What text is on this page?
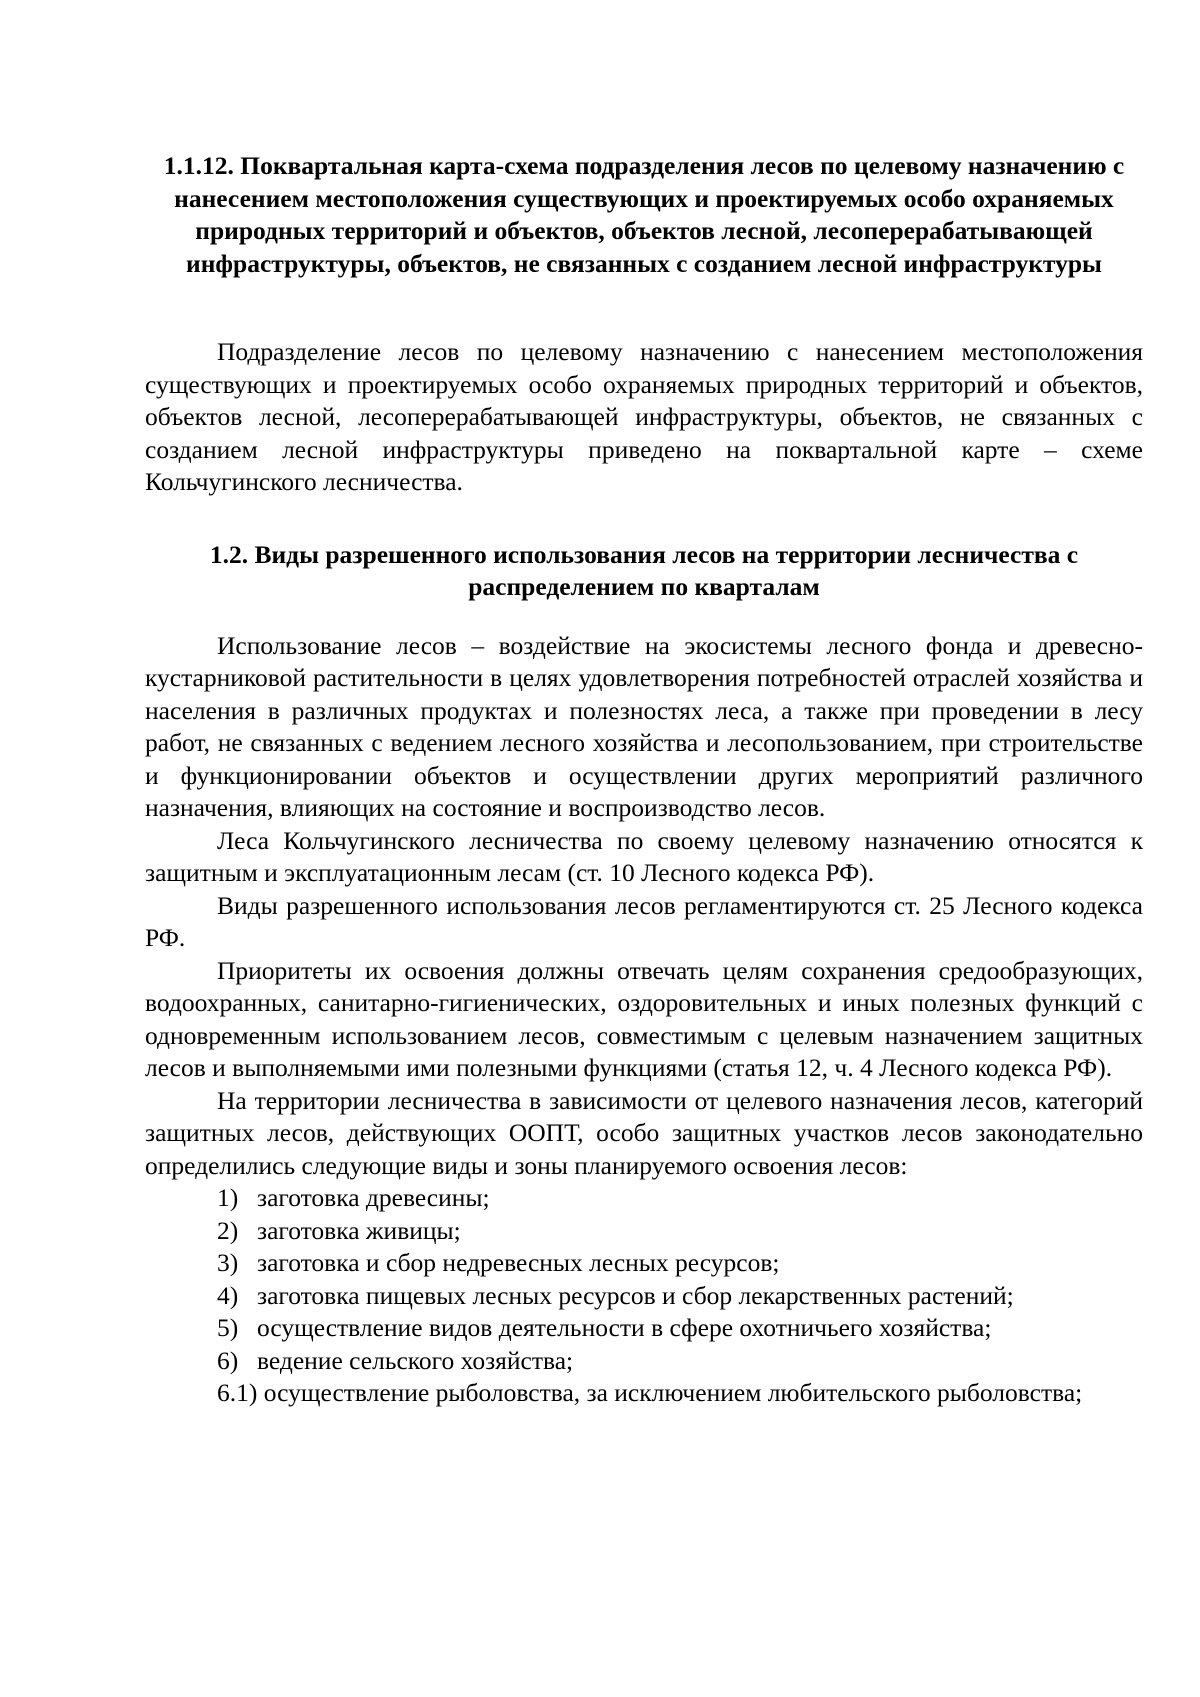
1.1.12. Поквартальная карта-схема подразделения лесов по целевому назначению с нанесением местоположения существующих и проектируемых особо охраняемых природных территорий и объектов, объектов лесной, лесоперерабатывающей инфраструктуры, объектов, не связанных с созданием лесной инфраструктуры

Подразделение лесов по целевому назначению с нанесением местоположения существующих и проектируемых особо охраняемых природных территорий и объектов, объектов лесной, лесоперерабатывающей инфраструктуры, объектов, не связанных с созданием лесной инфраструктуры приведено на поквартальной карте – схеме Кольчугинского лесничества.

1.2. Виды разрешенного использования лесов на территории лесничества с распределением по кварталам

Использование лесов – воздействие на экосистемы лесного фонда и древесно-кустарниковой растительности в целях удовлетворения потребностей отраслей хозяйства и населения в различных продуктах и полезностях леса, а также при проведении в лесу работ, не связанных с ведением лесного хозяйства и лесопользованием, при строительстве и функционировании объектов и осуществлении других мероприятий различного назначения, влияющих на состояние и воспроизводство лесов.

Леса Кольчугинского лесничества по своему целевому назначению относятся к защитным и эксплуатационным лесам (ст. 10 Лесного кодекса РФ).

Виды разрешенного использования лесов регламентируются ст. 25 Лесного кодекса РФ.

Приоритеты их освоения должны отвечать целям сохранения средообразующих, водоохранных, санитарно-гигиенических, оздоровительных и иных полезных функций с одновременным использованием лесов, совместимым с целевым назначением защитных лесов и выполняемыми ими полезными функциями (статья 12, ч. 4 Лесного кодекса РФ).

На территории лесничества в зависимости от целевого назначения лесов, категорий защитных лесов, действующих ООПТ, особо защитных участков лесов законодательно определились следующие виды и зоны планируемого освоения лесов:

1) заготовка древесины;
2) заготовка живицы;
3) заготовка и сбор недревесных лесных ресурсов;
4) заготовка пищевых лесных ресурсов и сбор лекарственных растений;
5) осуществление видов деятельности в сфере охотничьего хозяйства;
6) ведение сельского хозяйства;

6.1) осуществление рыболовства, за исключением любительского рыболовства;
